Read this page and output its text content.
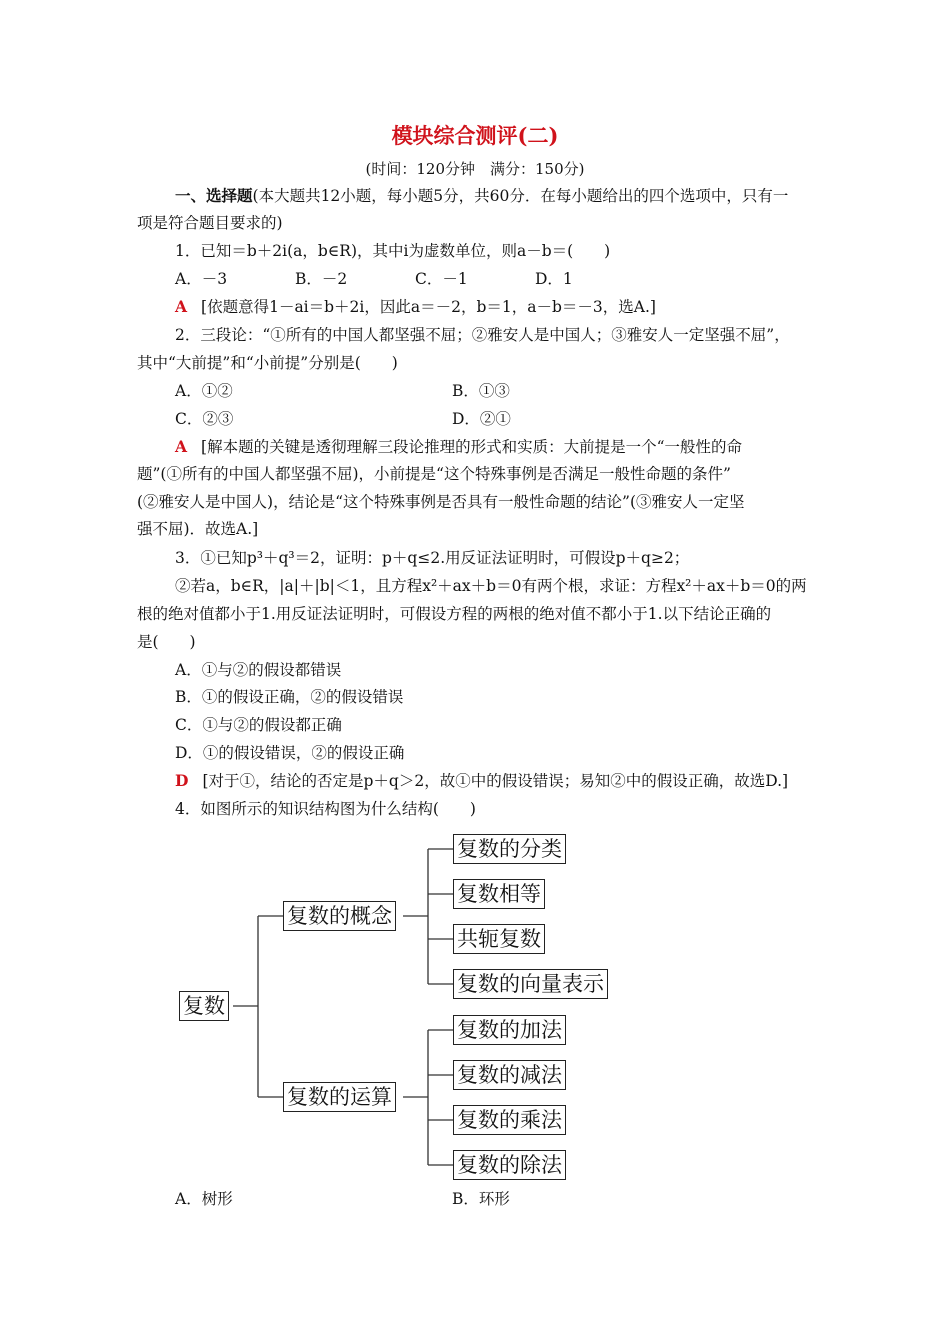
模块综合测评(二)
(时间：120分钟　满分：150分)
一、选择题(本大题共12小题，每小题5分，共60分．在每小题给出的四个选项中，只有一
项是符合题目要求的)
1．已知＝b＋2i(a，b∈R)，其中i为虚数单位，则a－b＝(　　)
A．－3	B．－2	C．－1	D．1
A [依题意得1－ai＝b＋2i，因此a＝－2，b＝1，a－b＝－3，选A.]
2．三段论：“①所有的中国人都坚强不屈；②雅安人是中国人；③雅安人一定坚强不屈”，
其中“大前提”和“小前提”分别是(　　)
A．①②	B．①③
C．②③	D．②①
A [解本题的关键是透彻理解三段论推理的形式和实质：大前提是一个“一般性的命
题”(①所有的中国人都坚强不屈)，小前提是“这个特殊事例是否满足一般性命题的条件”
(②雅安人是中国人)，结论是“这个特殊事例是否具有一般性命题的结论”(③雅安人一定坚
强不屈)．故选A.]
3．①已知p³＋q³＝2，证明：p＋q≤2.用反证法证明时，可假设p＋q≥2；
②若a，b∈R，|a|＋|b|＜1，且方程x²＋ax＋b＝0有两个根，求证：方程x²＋ax＋b＝0的两
根的绝对值都小于1.用反证法证明时，可假设方程的两根的绝对值不都小于1.以下结论正确的
是(　　)
A．①与②的假设都错误
B．①的假设正确，②的假设错误
C．①与②的假设都正确
D．①的假设错误，②的假设正确
D [对于①，结论的否定是p＋q＞2，故①中的假设错误；易知②中的假设正确，故选D.]
4．如图所示的知识结构图为什么结构(　　)
复数
复数的概念
复数的运算
复数的分类
复数相等
共轭复数
复数的向量表示
复数的加法
复数的减法
复数的乘法
复数的除法
A．树形	B．环形
